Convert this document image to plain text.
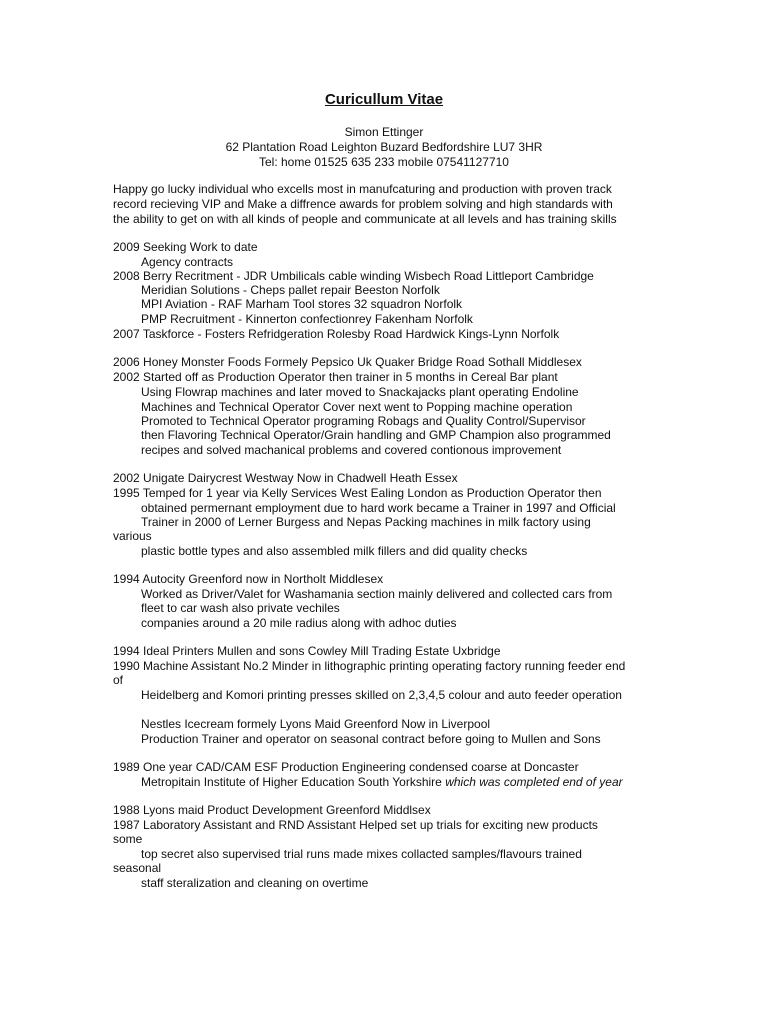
Curicullum Vitae
Simon Ettinger
62 Plantation Road Leighton Buzard Bedfordshire LU7 3HR
Tel: home 01525 635 233 mobile 07541127710
Happy go lucky individual who excells most in manufcaturing and production with proven track
record recieving VIP and Make a diffrence awards for problem solving and high standards with
the ability to get on with all kinds of people and communicate at all levels and has training skills
2009 Seeking Work to date
Agency contracts
2008 Berry Recritment - JDR Umbilicals cable winding Wisbech Road Littleport Cambridge
Meridian Solutions - Cheps pallet repair Beeston Norfolk
MPI Aviation - RAF Marham Tool stores 32 squadron Norfolk
PMP Recruitment - Kinnerton confectionrey Fakenham Norfolk
2007 Taskforce - Fosters Refridgeration Rolesby Road Hardwick Kings-Lynn Norfolk
2006 Honey Monster Foods Formely Pepsico Uk Quaker Bridge Road Sothall Middlesex
2002 Started off as Production Operator then trainer in 5 months in Cereal Bar plant
Using Flowrap machines and later moved to Snackajacks plant operating Endoline
Machines and Technical Operator Cover next went to Popping machine operation
Promoted to Technical Operator programing Robags and Quality Control/Supervisor
then Flavoring Technical Operator/Grain handling and GMP Champion also programmed
recipes and solved machanical problems and covered contionous improvement
2002 Unigate Dairycrest Westway Now in Chadwell Heath Essex
1995 Temped for 1 year via Kelly Services West Ealing London as Production Operator then
obtained permernant employment due to hard work became a Trainer in 1997 and Official
Trainer in 2000 of Lerner Burgess and Nepas Packing machines in milk factory using
various
plastic bottle types and also assembled milk fillers and did quality checks
1994 Autocity Greenford now in Northolt Middlesex
Worked as Driver/Valet for Washamania section mainly delivered and collected cars from
fleet to car wash also private vechiles
companies around a 20 mile radius along with adhoc duties
1994 Ideal Printers Mullen and sons Cowley Mill Trading Estate Uxbridge
1990 Machine Assistant No.2 Minder in lithographic printing operating factory running feeder end
of
Heidelberg and Komori printing presses skilled on 2,3,4,5 colour and auto feeder operation
Nestles Icecream formely Lyons Maid Greenford Now in Liverpool
Production Trainer and operator on seasonal contract before going to Mullen and Sons
1989 One year CAD/CAM ESF Production Engineering condensed coarse at Doncaster
Metropitain Institute of Higher Education South Yorkshire which was completed end of year
1988 Lyons maid Product Development Greenford Middlsex
1987 Laboratory Assistant and RND Assistant Helped set up trials for exciting new products
some
top secret also supervised trial runs made mixes collacted samples/flavours trained
seasonal
staff steralization and cleaning on overtime
